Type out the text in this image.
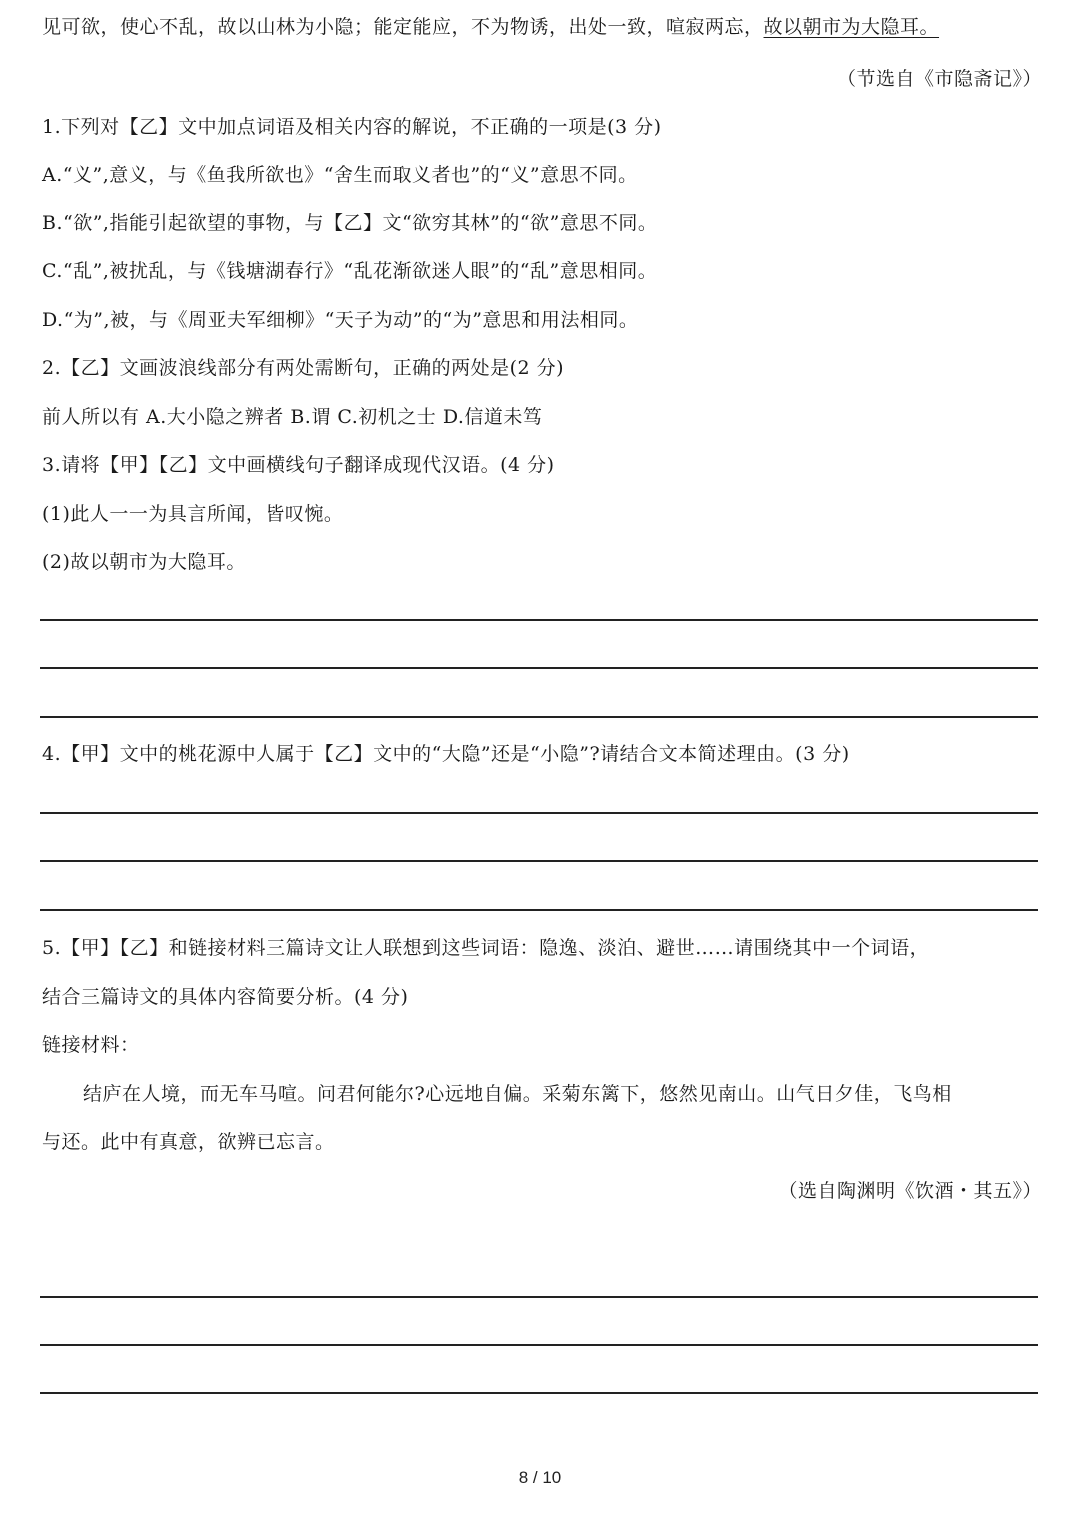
见可欲，使心不乱，故以山林为小隐；能定能应，不为物诱，出处一致，喧寂两忘，故以朝市为大隐耳。
（节选自《市隐斋记》）
1.下列对【乙】文中加点词语及相关内容的解说，不正确的一项是(3 分)
A.“义”,意义，与《鱼我所欲也》“舍生而取义者也”的“义”意思不同。
B.“欲”,指能引起欲望的事物，与【乙】文“欲穷其林”的“欲”意思不同。
C.“乱”,被扰乱，与《钱塘湖春行》“乱花渐欲迷人眼”的“乱”意思相同。
D.“为”,被，与《周亚夫军细柳》“天子为动”的“为”意思和用法相同。
2.【乙】文画波浪线部分有两处需断句，正确的两处是(2 分)
前人所以有 A.大小隐之辨者 B.谓 C.初机之士 D.信道未笃
3.请将【甲】【乙】文中画横线句子翻译成现代汉语。(4 分)
(1)此人一一为具言所闻，皆叹惋。
(2)故以朝市为大隐耳。
4.【甲】文中的桃花源中人属于【乙】文中的“大隐”还是“小隐”?请结合文本简述理由。(3 分)
5.【甲】【乙】和链接材料三篇诗文让人联想到这些词语：隐逸、淡泊、避世……请围绕其中一个词语，
结合三篇诗文的具体内容简要分析。(4 分)
链接材料：
结庐在人境，而无车马喧。问君何能尔?心远地自偏。采菊东篱下，悠然见南山。山气日夕佳，飞鸟相
与还。此中有真意，欲辨已忘言。
（选自陶渊明《饮酒・其五》）
8 / 10
